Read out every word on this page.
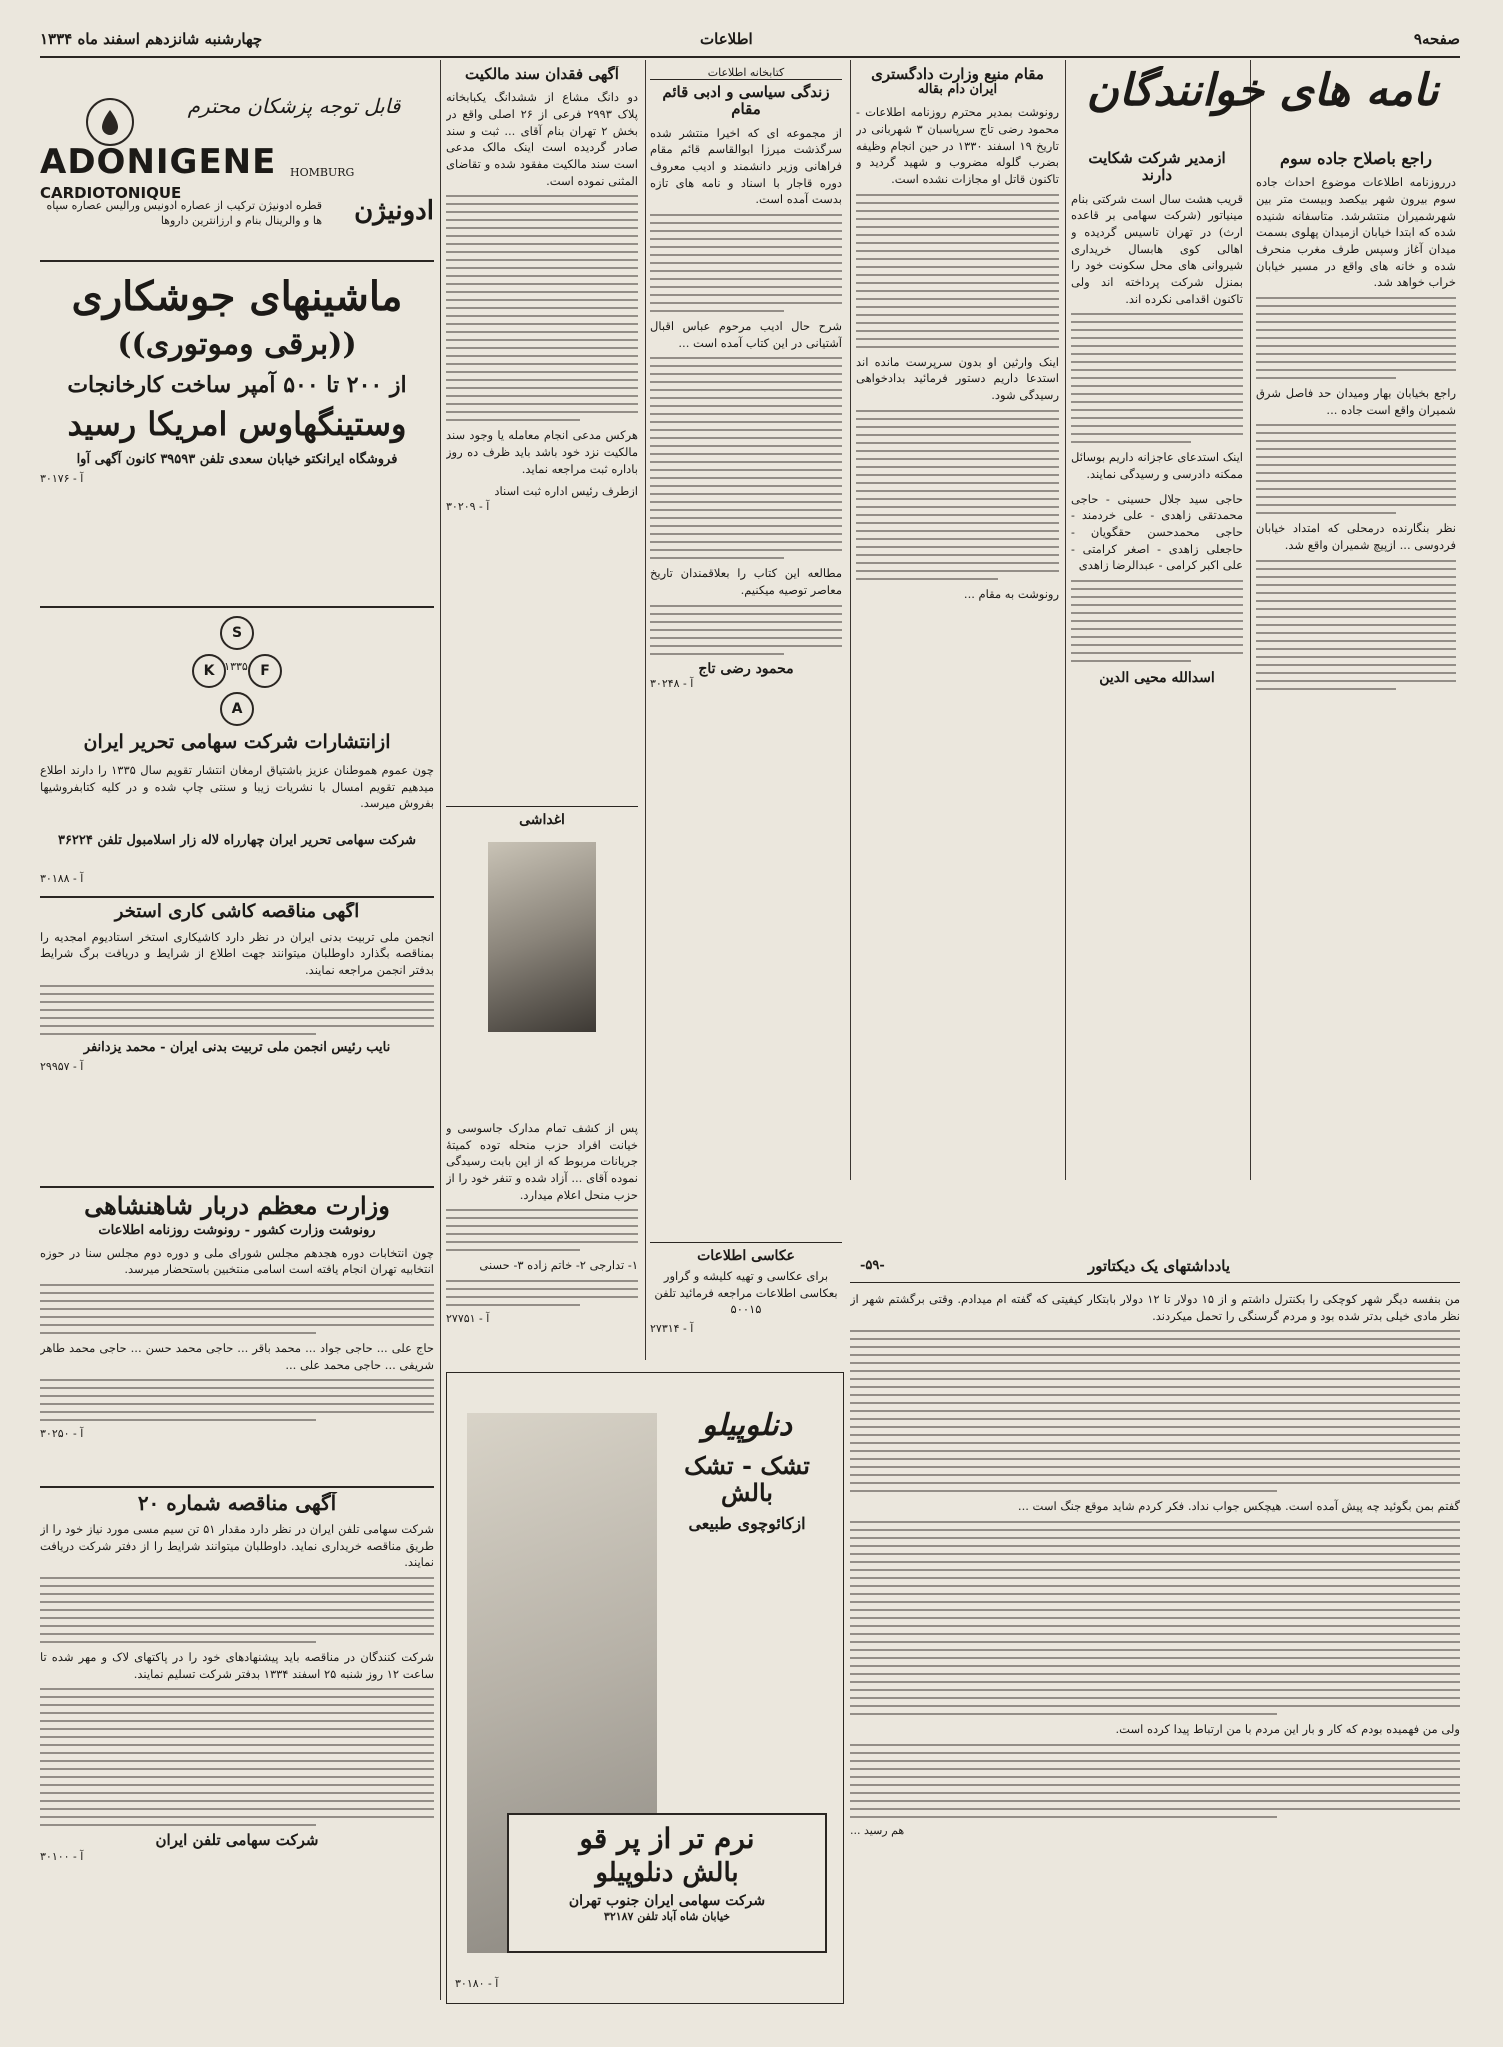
صفحه۹
اطلاعات
چهارشنبه شانزدهم اسفند ماه ۱۳۳۴
نامه های خوانندگان
راجع باصلاح جاده سوم
درروزنامه اطلاعات موضوع احداث جاده سوم بیرون شهر بیکصد وبیست متر بین شهرشمیران منتشرشد. متاسفانه شنیده شده که ابتدا خیابان ازمیدان پهلوی بسمت میدان آغاز وسپس طرف مغرب منحرف شده و خانه های واقع در مسیر خیابان خراب خواهد شد.
راجع بخیابان بهار ومیدان حد فاصل شرق شمیران واقع است جاده ...
نظر بنگارنده درمحلی که امتداد خیابان فردوسی ... ازپیچ شمیران واقع شد.
ازمدیر شرکت شکایت دارند
قریب هشت سال است شرکتی بنام مینیاتور (شرکت سهامی بر قاعده ارث) در تهران تاسیس گردیده و اهالی کوی هابسال خریداری شیروانی های محل سکونت خود را بمنزل شرکت پرداخته اند ولی تاکنون اقدامی نکرده اند.
اینک استدعای عاجزانه داریم بوسائل ممکنه دادرسی و رسیدگی نمایند.
حاجی سید جلال حسینی - حاجی محمدتقی زاهدی - علی خردمند - حاجی محمدحسن حقگویان - حاجعلی زاهدی - اصغر کرامتی - علی اکبر کرامی - عبدالرضا زاهدی
اسدالله محیی الدین
مقام منیع وزارت دادگستری
ایران دام بقاله
رونوشت بمدیر محترم روزنامه اطلاعات - محمود رضی تاج سرپاسبان ۳ شهربانی در تاریخ ۱۹ اسفند ۱۳۳۰ در حین انجام وظیفه بضرب گلوله مضروب و شهید گردید و تاکنون قاتل او مجازات نشده است.
اینک وارثین او بدون سرپرست مانده اند استدعا داریم دستور فرمائید بدادخواهی رسیدگی شود.
رونوشت به مقام ...
کتابخانه اطلاعات
زندگی سیاسی و ادبی قائم مقام
از مجموعه ای که اخیرا منتشر شده سرگذشت میرزا ابوالقاسم قائم مقام فراهانی وزیر دانشمند و ادیب معروف دوره قاجار با اسناد و نامه های تازه بدست آمده است.
شرح حال ادیب مرحوم عباس اقبال آشتیانی در این کتاب آمده است ...
مطالعه این کتاب را بعلاقمندان تاریخ معاصر توصیه میکنیم.
محمود رضی تاج
آ - ۳۰۲۴۸
عکاسی اطلاعات
برای عکاسی و تهیه کلیشه و گراور بعکاسی اطلاعات مراجعه فرمائید تلفن ۵۰۰۱۵
آ - ۲۷۳۱۴
آگهی فقدان سند مالکیت
دو دانگ مشاع از ششدانگ یکبابخانه پلاک ۲۹۹۳ فرعی از ۲۶ اصلی واقع در بخش ۲ تهران بنام آقای ... ثبت و سند صادر گردیده است اینک مالک مدعی است سند مالکیت مفقود شده و تقاضای المثنی نموده است.
هرکس مدعی انجام معامله یا وجود سند مالکیت نزد خود باشد باید ظرف ده روز باداره ثبت مراجعه نماید.
ازطرف رئیس اداره ثبت اسناد
آ - ۳۰۲۰۹
اغداشی
پس از کشف تمام مدارک جاسوسی و خیانت افراد حزب منحله توده کمیتهٔ جریانات مربوط که از این بابت رسیدگی نموده آقای ... آزاد شده و تنفر خود را از حزب منحل اعلام میدارد.
۱- تدارجی ۲- خاتم زاده ۳- حسنی
آ - ۲۷۷۵۱
قابل توجه پزشکان محترم
ADONIGENE
CARDIOTONIQUE
HOMBURG
ادونیژن
قطره ادونیژن ترکیب از عصاره ادونیس ورالیس عصاره سپاه ها و والرینال بنام و ارزانترین داروها
ماشینهای جوشکاری
((برقی وموتوری))
از ۲۰۰ تا ۵۰۰ آمپر ساخت کارخانجات
وستینگهاوس امریکا رسید
فروشگاه ایرانکتو خیابان سعدی تلفن ۳۹۵۹۳ کانون آگهی آوا
آ - ۳۰۱۷۶
S
K	F
A
۱۳۳۵
ازانتشارات شرکت سهامی تحریر ایران
چون عموم هموطنان عزیز باشتیاق ارمغان انتشار تقویم سال ۱۳۳۵ را دارند اطلاع میدهیم تقویم امسال با نشریات زیبا و سنتی چاپ شده و در کلیه کتابفروشیها بفروش میرسد.
شرکت سهامی تحریر ایران چهارراه لاله زار اسلامبول تلفن ۳۶۲۲۴
آ - ۳۰۱۸۸
آگهی مناقصه کاشی کاری استخر
انجمن ملی تربیت بدنی ایران در نظر دارد کاشیکاری استخر استادیوم امجدیه را بمناقصه بگذارد داوطلبان میتوانند جهت اطلاع از شرایط و دریافت برگ شرایط بدفتر انجمن مراجعه نمایند.
نایب رئیس انجمن ملی تربیت بدنی ایران - محمد یزدانفر
آ - ۲۹۹۵۷
وزارت معظم دربار شاهنشاهی
رونوشت وزارت کشور - رونوشت روزنامه اطلاعات
چون انتخابات دوره هجدهم مجلس شورای ملی و دوره دوم مجلس سنا در حوزه انتخابیه تهران انجام یافته است اسامی منتخبین باستحضار میرسد.
حاج علی ... حاجی جواد ... محمد باقر ... حاجی محمد حسن ... حاجی محمد طاهر شریفی ... حاجی محمد علی ...
آ - ۳۰۲۵۰
آگهی مناقصه شماره ۲۰
شرکت سهامی تلفن ایران در نظر دارد مقدار ۵۱ تن سیم مسی مورد نیاز خود را از طریق مناقصه خریداری نماید. داوطلبان میتوانند شرایط را از دفتر شرکت دریافت نمایند.
شرکت کنندگان در مناقصه باید پیشنهادهای خود را در پاکتهای لاک و مهر شده تا ساعت ۱۲ روز شنبه ۲۵ اسفند ۱۳۳۴ بدفتر شرکت تسلیم نمایند.
شرکت سهامی تلفن ایران
آ - ۳۰۱۰۰
دنلوپیلو
تشک - تشک بالش
ازکائوچوی طبیعی
نرم تر از پر قو
بالش دنلوپیلو
شرکت سهامی ایران جنوب تهران
خیابان شاه آباد تلفن ۳۲۱۸۷
آ - ۳۰۱۸۰
یادداشتهای یک دیکتاتور
-۵۹-
من بنفسه دیگر شهر کوچکی را بکنترل داشتم و از ۱۵ دولار تا ۱۲ دولار بابتکار کیفیتی که گفته ام میدادم. وقتی برگشتم شهر از نظر مادی خیلی بدتر شده بود و مردم گرسنگی را تحمل میکردند.
گفتم بمن بگوئید چه پیش آمده است. هیچکس جواب نداد. فکر کردم شاید موقع جنگ است ...
ولی من فهمیده بودم که کار و بار این مردم با من ارتباط پیدا کرده است.
هم رسید ...
